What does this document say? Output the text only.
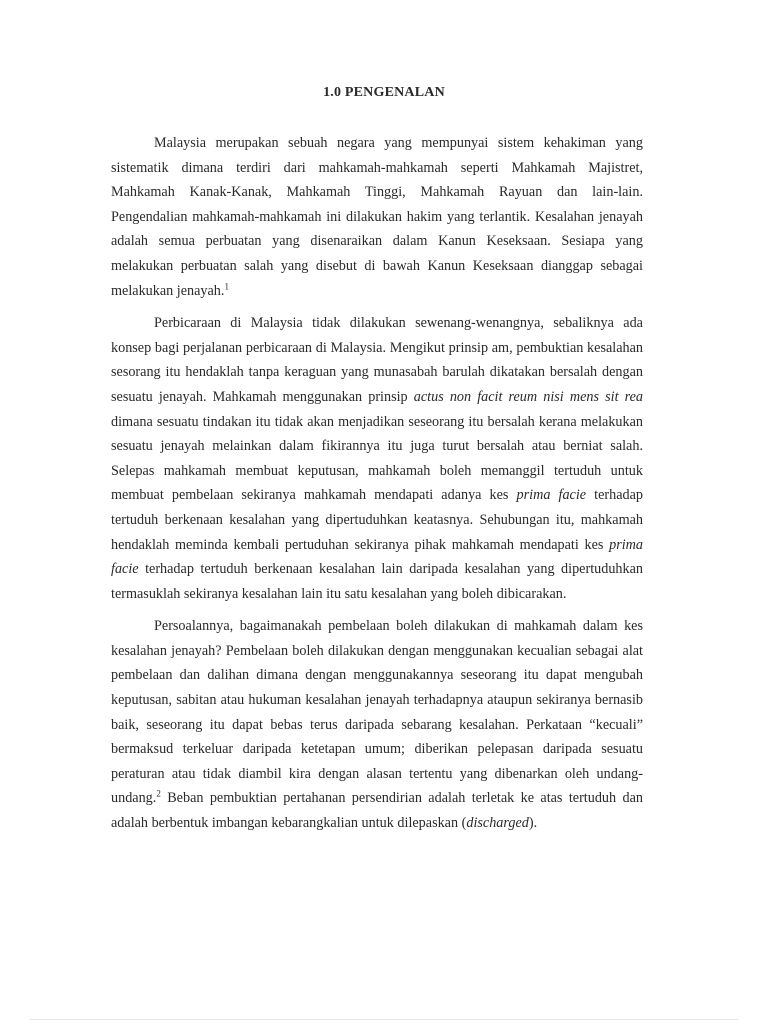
1.0 PENGENALAN

Malaysia merupakan sebuah negara yang mempunyai sistem kehakiman yang sistematik dimana terdiri dari mahkamah-mahkamah seperti Mahkamah Majistret, Mahkamah Kanak-Kanak, Mahkamah Tinggi, Mahkamah Rayuan dan lain-lain. Pengendalian mahkamah-mahkamah ini dilakukan hakim yang terlantik. Kesalahan jenayah adalah semua perbuatan yang disenaraikan dalam Kanun Keseksaan. Sesiapa yang melakukan perbuatan salah yang disebut di bawah Kanun Keseksaan dianggap sebagai melakukan jenayah.$^1$

Perbicaraan di Malaysia tidak dilakukan sewenang-wenangnya, sebaliknya ada konsep bagi perjalanan perbicaraan di Malaysia. Mengikut prinsip am, pembuktian kesalahan sesorang itu hendaklah tanpa keraguan yang munasabah barulah dikatakan bersalah dengan sesuatu jenayah. Mahkamah menggunakan prinsip actus non facit reum nisi mens sit rea dimana sesuatu tindakan itu tidak akan menjadikan seseorang itu bersalah kerana melakukan sesuatu jenayah melainkan dalam fikirannya itu juga turut bersalah atau berniat salah. Selepas mahkamah membuat keputusan, mahkamah boleh memanggil tertuduh untuk membuat pembelaan sekiranya mahkamah mendapati adanya kes prima facie terhadap tertuduh berkenaan kesalahan yang dipertuduhkan keatasnya. Sehubungan itu, mahkamah hendaklah meminda kembali pertuduhan sekiranya pihak mahkamah mendapati kes prima facie terhadap tertuduh berkenaan kesalahan lain daripada kesalahan yang dipertuduhkan termasuklah sekiranya kesalahan lain itu satu kesalahan yang boleh dibicarakan.

Persoalannya, bagaimanakah pembelaan boleh dilakukan di mahkamah dalam kes kesalahan jenayah? Pembelaan boleh dilakukan dengan menggunakan kecualian sebagai alat pembelaan dan dalihan dimana dengan menggunakannya seseorang itu dapat mengubah keputusan, sabitan atau hukuman kesalahan jenayah terhadapnya ataupun sekiranya bernasib baik, seseorang itu dapat bebas terus daripada sebarang kesalahan. Perkataan “kecuali” bermaksud terkeluar daripada ketetapan umum; diberikan pelepasan daripada sesuatu peraturan atau tidak diambil kira dengan alasan tertentu yang dibenarkan oleh undang-undang.$^2$ Beban pembuktian pertahanan persendirian adalah terletak ke atas tertuduh dan adalah berbentuk imbangan kebarangkalian untuk dilepaskan (discharged).
